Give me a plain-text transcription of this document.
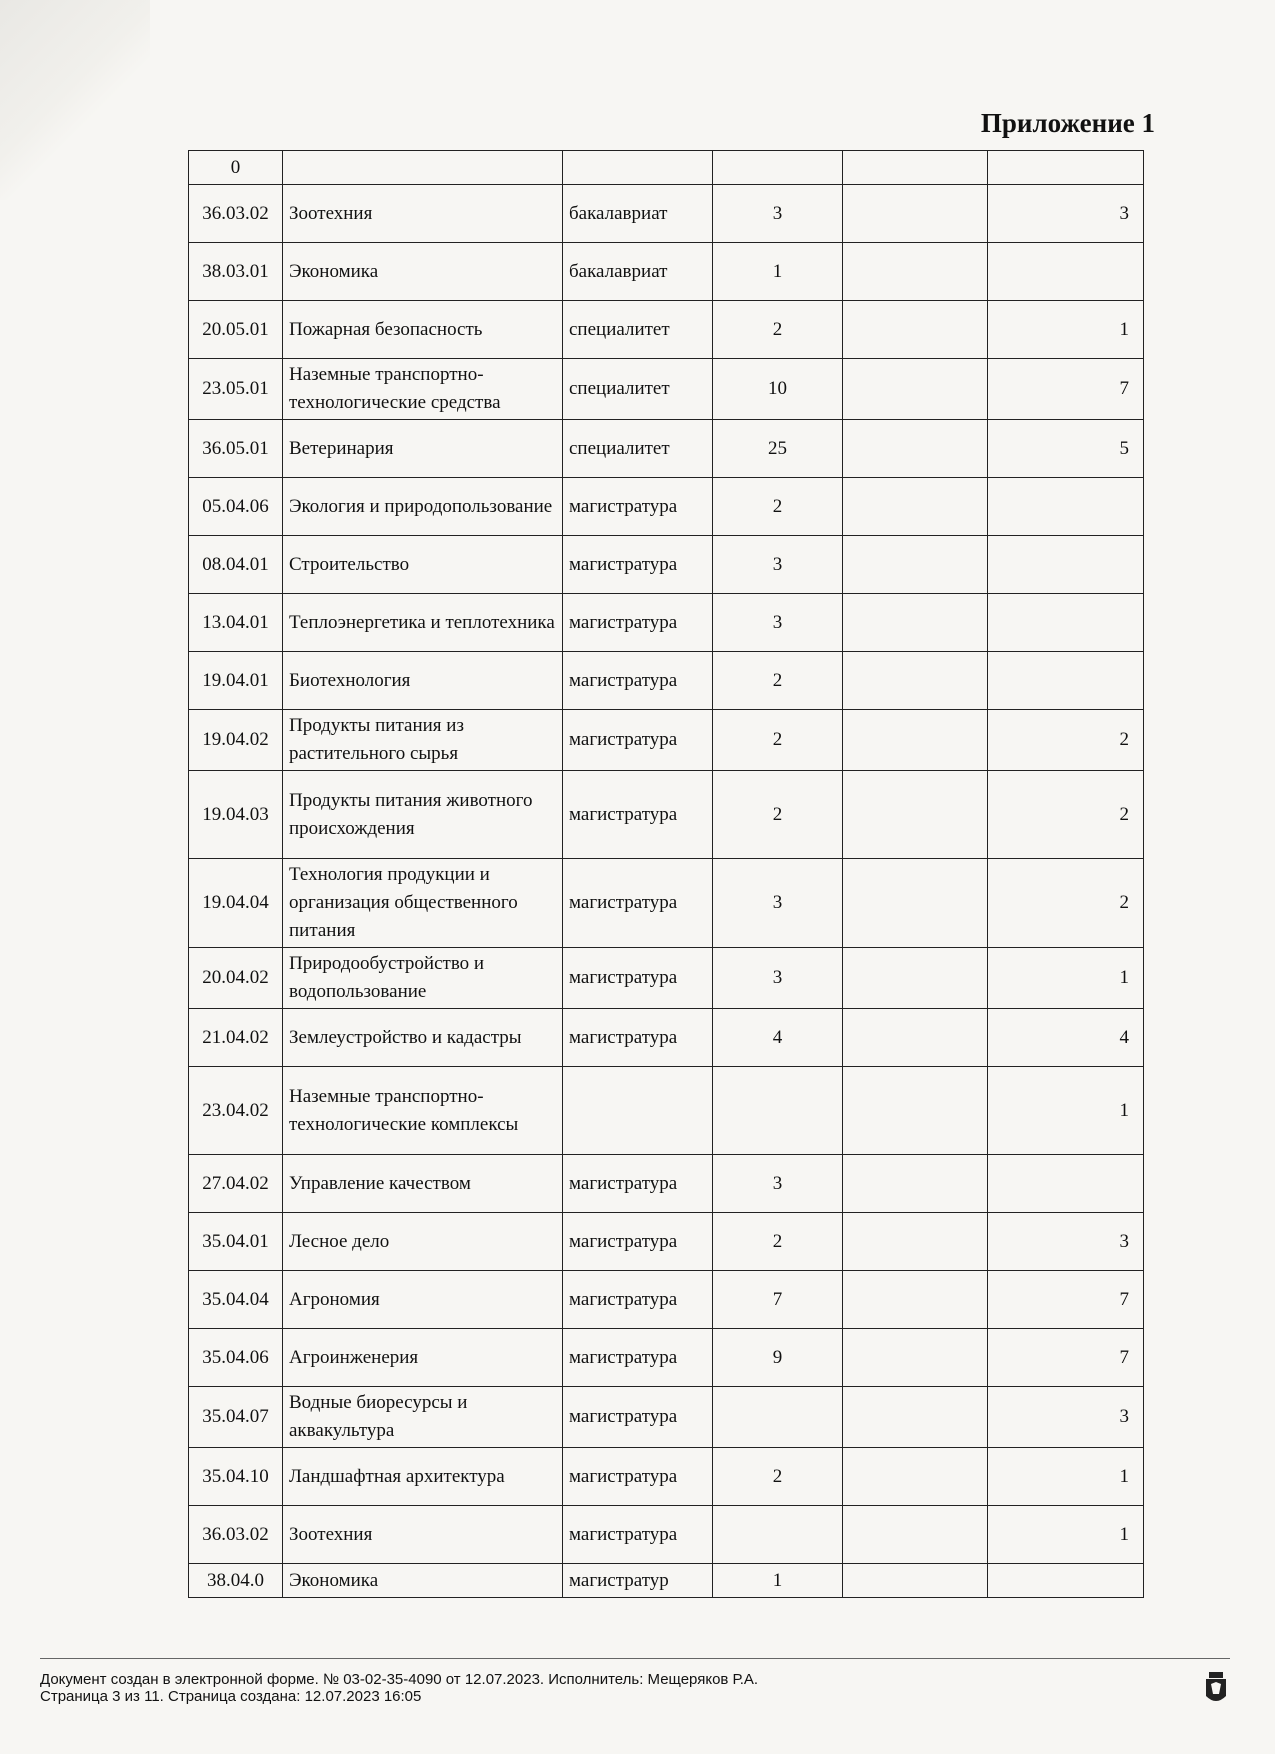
Приложение 1
0					
36.03.02	Зоотехния	бакалавриат	3		3
38.03.01	Экономика	бакалавриат	1		
20.05.01	Пожарная безопасность	специалитет	2		1
23.05.01	Наземные транспортно-технологические средства	специалитет	10		7
36.05.01	Ветеринария	специалитет	25		5
05.04.06	Экология и природопользование	магистратура	2		
08.04.01	Строительство	магистратура	3		
13.04.01	Теплоэнергетика и теплотехника	магистратура	3		
19.04.01	Биотехнология	магистратура	2		
19.04.02	Продукты питания из растительного сырья	магистратура	2		2
19.04.03	Продукты питания животного происхождения	магистратура	2		2
19.04.04	Технология продукции и организация общественного питания	магистратура	3		2
20.04.02	Природообустройство и водопользование	магистратура	3		1
21.04.02	Землеустройство и кадастры	магистратура	4		4
23.04.02	Наземные транспортно-технологические комплексы				1
27.04.02	Управление качеством	магистратура	3		
35.04.01	Лесное дело	магистратура	2		3
35.04.04	Агрономия	магистратура	7		7
35.04.06	Агроинженерия	магистратура	9		7
35.04.07	Водные биоресурсы и аквакультура	магистратура			3
35.04.10	Ландшафтная архитектура	магистратура	2		1
36.03.02	Зоотехния	магистратура			1
38.04.0	Экономика	магистратур	1		
Документ создан в электронной форме. № 03-02-35-4090 от 12.07.2023. Исполнитель: Мещеряков Р.А.
Страница 3 из 11. Страница создана: 12.07.2023 16:05
